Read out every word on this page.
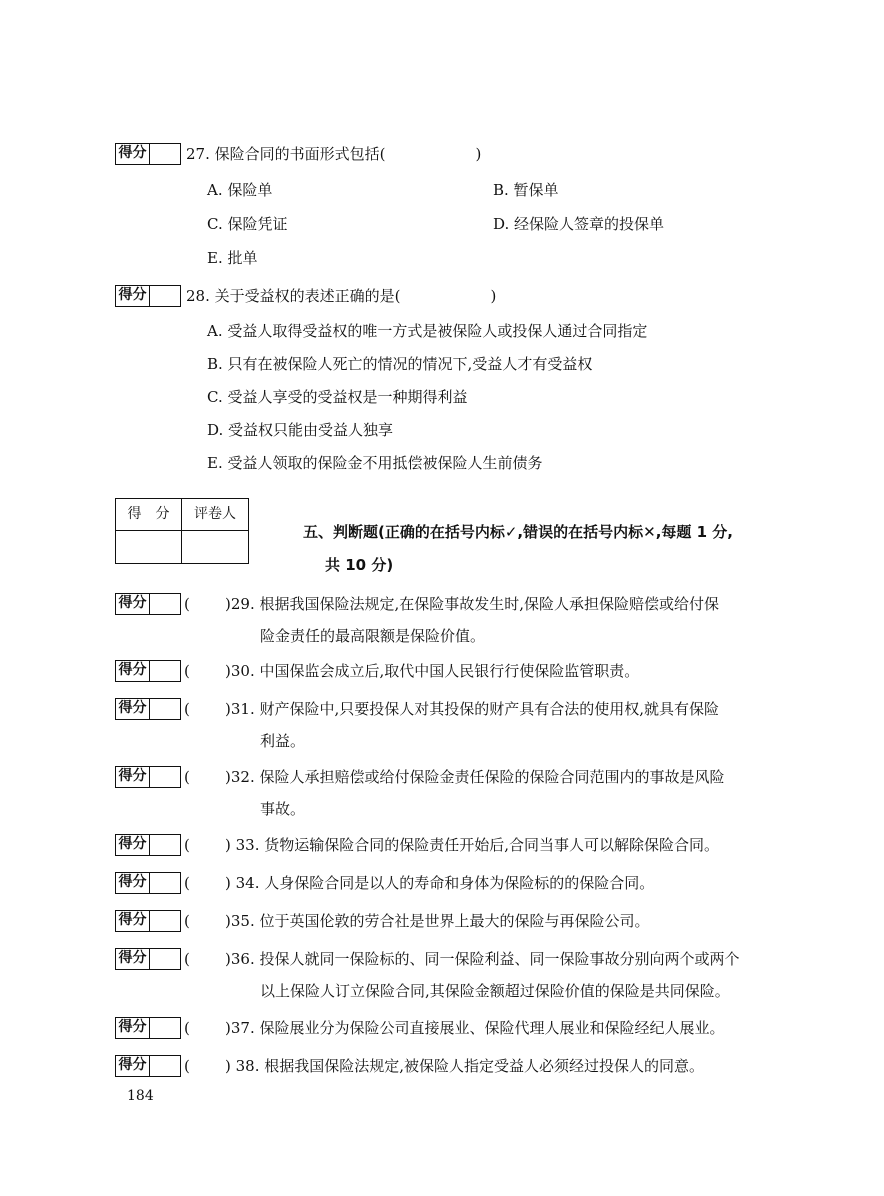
得分	27. 保险合同的书面形式包括(　　　　　　)
A. 保险单	B. 暂保单
C. 保险凭证	D. 经保险人签章的投保单
E. 批单
得分	28. 关于受益权的表述正确的是(　　　　　　)
A. 受益人取得受益权的唯一方式是被保险人或投保人通过合同指定
B. 只有在被保险人死亡的情况的情况下,受益人才有受益权
C. 受益人享受的受益权是一种期得利益
D. 受益权只能由受益人独享
E. 受益人领取的保险金不用抵偿被保险人生前债务
得　分	评卷人
五、判断题(正确的在括号内标✓,错误的在括号内标✕,每题 1 分,
共 10 分)
得分	( )29. 根据我国保险法规定,在保险事故发生时,保险人承担保险赔偿或给付保
险金责任的最高限额是保险价值。
得分	( )30. 中国保监会成立后,取代中国人民银行行使保险监管职责。
得分	( )31. 财产保险中,只要投保人对其投保的财产具有合法的使用权,就具有保险
利益。
得分	( )32. 保险人承担赔偿或给付保险金责任保险的保险合同范围内的事故是风险
事故。
得分	( ) 33. 货物运输保险合同的保险责任开始后,合同当事人可以解除保险合同。
得分	( ) 34. 人身保险合同是以人的寿命和身体为保险标的的保险合同。
得分	( )35. 位于英国伦敦的劳合社是世界上最大的保险与再保险公司。
得分	( )36. 投保人就同一保险标的、同一保险利益、同一保险事故分别向两个或两个
以上保险人订立保险合同,其保险金额超过保险价值的保险是共同保险。
得分	( )37. 保险展业分为保险公司直接展业、保险代理人展业和保险经纪人展业。
得分	( ) 38. 根据我国保险法规定,被保险人指定受益人必须经过投保人的同意。
184
